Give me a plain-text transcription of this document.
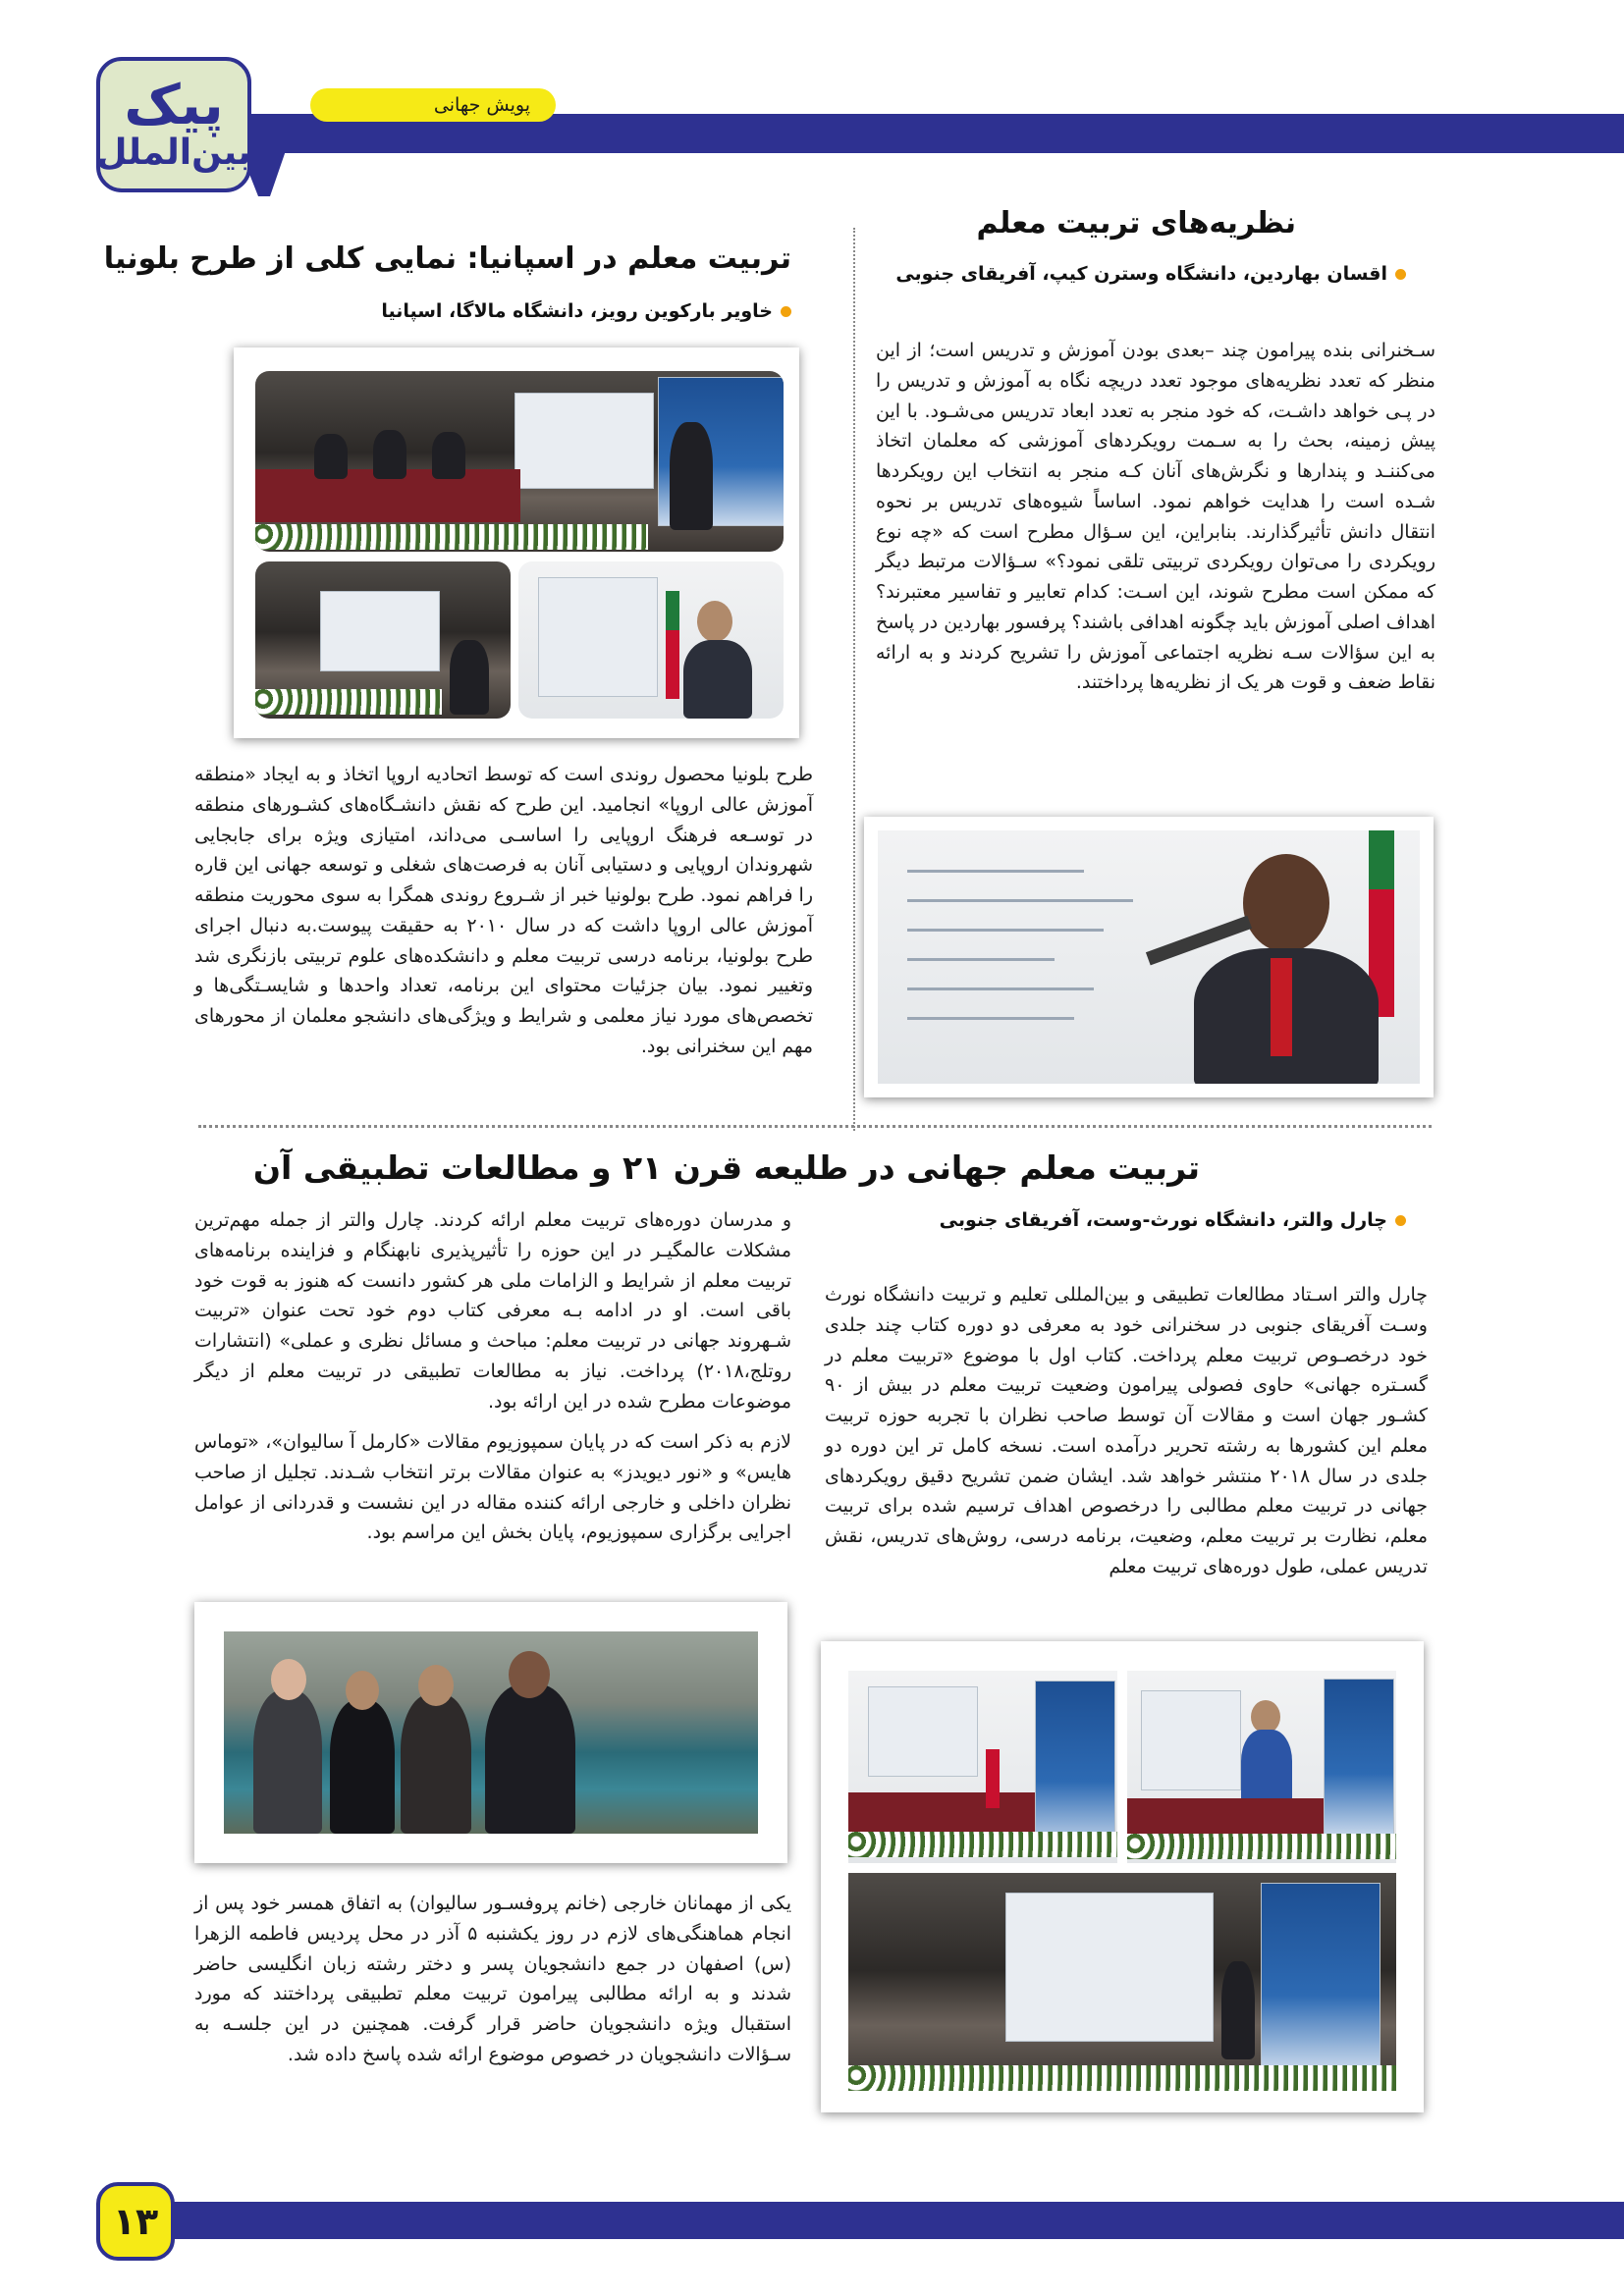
پیک
بین‌الملل
پویش جهانی
نظریه‌های تربیت معلم
اقسان بهاردین، دانشگاه وسترن کیپ، آفریقای جنوبی

سـخنرانی بنده پیرامون چند –بعدی بودن آموزش و تدریس است؛ از این منظر که تعدد نظریه‌های موجود تعدد دریچه نگاه به آموزش و تدریس را در پـی خواهد داشـت، که خود منجر به تعدد ابعاد تدریس می‌شـود. با این پیش زمینه، بحث را به سـمت رویکردهای آموزشی که معلمان اتخاذ می‌کننـد و پندارها و نگرش‌های آنان کـه منجر به انتخاب این رویکردها شـده است را هدایت خواهم نمود. اساساً شیوه‌های تدریس بر نحوه انتقال دانش تأثیرگذارند. بنابراین، این سـؤال مطرح است که «چه نوع رویکردی را می‌توان رویکردی تربیتی تلقی نمود؟» سـؤالات مرتبط دیگر که ممکن است مطرح شوند، این اسـت: کدام تعابیر و تفاسیر معتبرند؟ اهداف اصلی آموزش باید چگونه اهدافی باشند؟ پرفسور بهاردین در پاسخ به این سؤالات سـه نظریه اجتماعی آموزش را تشریح کردند و به ارائه نقاط ضعف و قوت هر یک از نظریه‌ها پرداختند.

تربیت معلم در اسپانیا: نمایی کلی از طرح بلونیا
خاویر بارکوین رویز، دانشگاه مالاگا، اسپانیا

طرح بلونیا محصول روندی است که توسط اتحادیه اروپا اتخاذ و به ایجاد «منطقه آموزش عالی اروپا» انجامید. این طرح که نقش دانشـگاه‌های کشـورهای منطقه در توسـعه فرهنگ اروپایی را اساسـی می‌داند، امتیازی ویژه برای جابجایی شهروندان اروپایی و دستیابی آنان به فرصت‌های شغلی و توسعه جهانی این قاره را فراهم نمود. طرح بولونیا خبر از شـروع روندی همگرا به سوی محوریت منطقه آموزش عالی اروپا داشت که در سال ۲۰۱۰ به حقیقت پیوست.به دنبال اجرای طرح بولونیا، برنامه درسی تربیت معلم و دانشکده‌های علوم تربیتی بازنگری شد وتغییر نمود. بیان جزئیات محتوای این برنامه، تعداد واحدها و شایسـتگی‌ها و تخصص‌های مورد نیاز معلمی و شرایط و ویژگی‌های دانشجو معلمان از محورهای مهم این سخنرانی بود.

تربیت معلم جهانی در طلیعه قرن ۲۱ و مطالعات تطبیقی آن
چارل والتر، دانشگاه نورث-وست، آفریقای جنوبی

چارل والتر اسـتاد مطالعات تطبیقی و بین‌المللی تعلیم و تربیت دانشگاه نورث وسـت آفریقای جنوبی در سخنرانی خود به معرفی دو دوره کتاب چند جلدی خود درخصـوص تربیت معلم پرداخت. کتاب اول با موضوع «تربیت معلم در گسـتره جهانی» حاوی فصولی پیرامون وضعیت تربیت معلم در بیش از ۹۰ کشـور جهان است و مقالات آن توسط صاحب نظران با تجربه حوزه تربیت معلم این کشورها به رشته تحریر درآمده است. نسخه کامل تر این دوره دو جلدی در سال ۲۰۱۸ منتشر خواهد شد. ایشان ضمن تشریح دقیق رویکردهای جهانی در تربیت معلم مطالبی را درخصوص اهداف ترسیم شده برای تربیت معلم، نظارت بر تربیت معلم، وضعیت، برنامه درسی، روش‌های تدریس، نقش تدریس عملی، طول دوره‌های تربیت معلم

و مدرسان دوره‌های تربیت معلم ارائه کردند. چارل والتر از جمله مهم‌ترین مشکلات عالمگیـر در این حوزه را تأثیرپذیری نابهنگام و فزاینده برنامه‌های تربیت معلم از شرایط و الزامات ملی هر کشور دانست که هنوز به قوت خود باقی است. او در ادامه بـه معرفی کتاب دوم خود تحت عنوان «تربیت شـهروند جهانی در تربیت معلم: مباحث و مسائل نظری و عملی» (انتشارات روتلج،۲۰۱۸) پرداخت. نیاز به مطالعات تطبیقی در تربیت معلم از دیگر موضوعات مطرح شده در این ارائه بود.

لازم به ذکر است که در پایان سمپوزیوم مقالات «کارمل آ سالیوان»، «توماس هایس» و «نور دیویدز» به عنوان مقالات برتر انتخاب شـدند. تجلیل از صاحب نظران داخلی و خارجی ارائه کننده مقاله در این نشست و قدردانی از عوامل اجرایی برگزاری سمپوزیوم، پایان بخش این مراسم بود.

یکی از مهمانان خارجی (خانم پروفسـور سالیوان) به اتفاق همسر خود پس از انجام هماهنگی‌های لازم در روز یکشنبه ۵ آذر در محل پردیس فاطمه الزهرا (س) اصفهان در جمع دانشجویان پسر و دختر رشته زبان انگلیسی حاضر شدند و به ارائه مطالبی پیرامون تربیت معلم تطبیقی پرداختند که مورد استقبال ویژه دانشجویان حاضر قرار گرفت. همچنین در این جلسـه به سـؤالات دانشجویان در خصوص موضوع ارائه شده پاسخ داده شد.

۱۳
